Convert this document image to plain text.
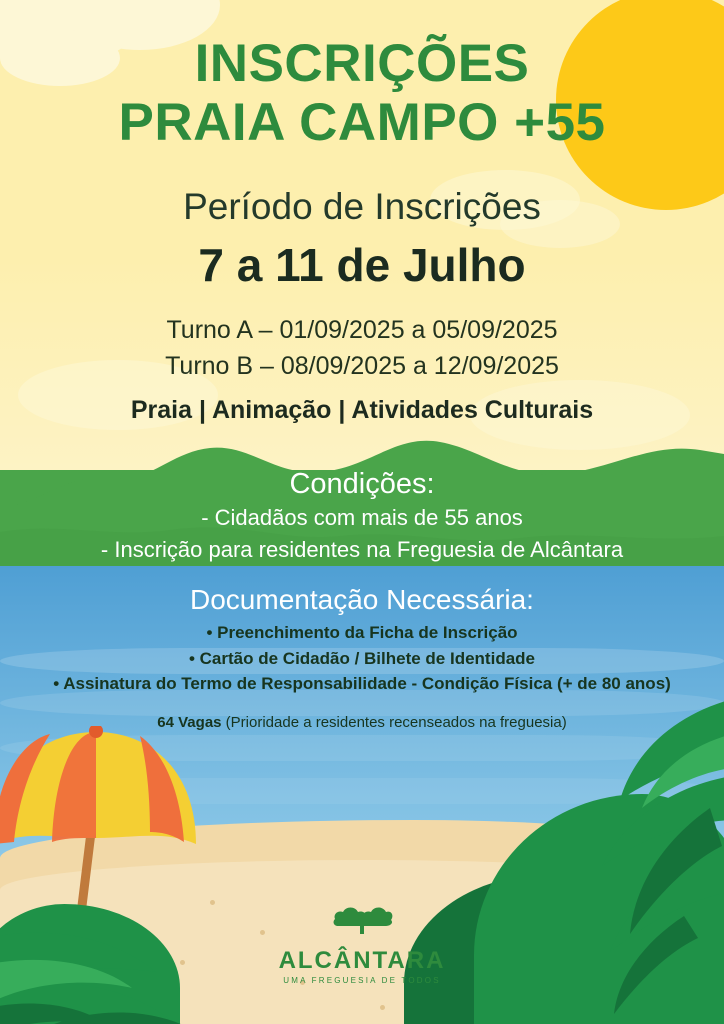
INSCRIÇÕES
PRAIA CAMPO +55
Período de Inscrições
7 a 11 de Julho
Turno A – 01/09/2025 a 05/09/2025
Turno B – 08/09/2025 a 12/09/2025
Praia | Animação | Atividades Culturais
Condições:
- Cidadãos com mais de 55 anos
- Inscrição para residentes na Freguesia de Alcântara
Documentação Necessária:
• Preenchimento da Ficha de Inscrição
• Cartão de Cidadão / Bilhete de Identidade
• Assinatura do Termo de Responsabilidade - Condição Física (+ de 80 anos)
64 Vagas (Prioridade a residentes recenseados na freguesia)
ALCÂNTARA
UMA FREGUESIA DE TODOS
